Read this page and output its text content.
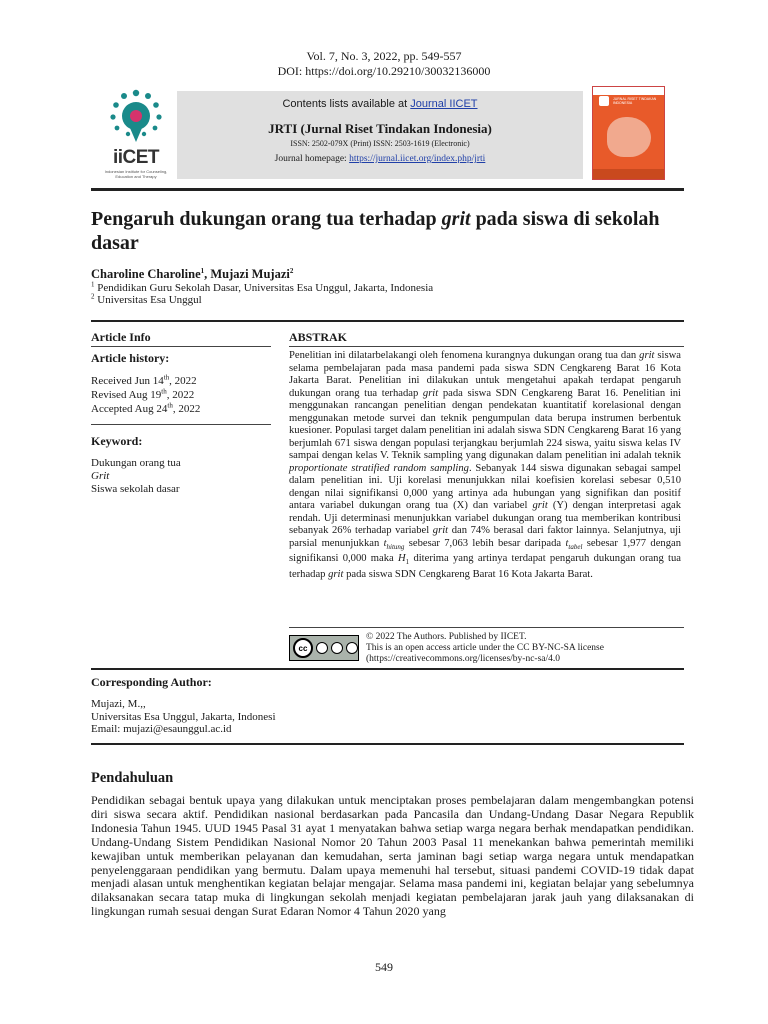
Vol. 7, No. 3, 2022, pp. 549-557
DOI: https://doi.org/10.29210/30032136000
iiCET
Indonesian Institute for Counseling, Education and Therapy
Contents lists available at Journal IICET
JRTI (Jurnal Riset Tindakan Indonesia)
ISSN: 2502-079X (Print) ISSN: 2503-1619 (Electronic)
Journal homepage: https://jurnal.iicet.org/index.php/jrti
JURNAL RISET TINDAKAN INDONESIA
Pengaruh dukungan orang tua terhadap grit pada siswa di sekolah dasar
Charoline Charoline$^1$, Mujazi Mujazi$^2$
$^1$ Pendidikan Guru Sekolah Dasar, Universitas Esa Unggul, Jakarta, Indonesia
$^2$ Universitas Esa Unggul
Article Info
Article history:
Received Jun 14th, 2022
Revised Aug 19th, 2022
Accepted Aug 24th, 2022
Keyword:
Dukungan orang tua
Grit
Siswa sekolah dasar
ABSTRAK
Penelitian ini dilatarbelakangi oleh fenomena kurangnya dukungan orang tua dan grit siswa selama pembelajaran pada masa pandemi pada siswa SDN Cengkareng Barat 16 Kota Jakarta Barat. Penelitian ini dilakukan untuk mengetahui apakah terdapat pengaruh dukungan orang tua terhadap grit pada siswa SDN Cengkareng Barat 16. Penelitian ini menggunakan rancangan penelitian dengan pendekatan kuantitatif korelasional dengan menggunakan metode survei dan teknik pengumpulan data berupa instrumen berbentuk kuesioner. Populasi target dalam penelitian ini adalah siswa SDN Cengkareng Barat 16 yang berjumlah 671 siswa dengan populasi terjangkau berjumlah 224 siswa, yaitu siswa kelas IV sampai dengan kelas V. Teknik sampling yang digunakan dalam penelitian ini adalah teknik proportionate stratified random sampling. Sebanyak 144 siswa digunakan sebagai sampel dalam penelitian ini. Uji korelasi menunjukkan nilai koefisien korelasi sebesar 0,510 dengan nilai signifikansi 0,000 yang artinya ada hubungan yang signifikan dan positif antara variabel dukungan orang tua (X) dan variabel grit (Y) dengan interpretasi agak rendah. Uji determinasi menunjukkan variabel dukungan orang tua memberikan kontribusi sebanyak 26% terhadap variabel grit dan 74% berasal dari faktor lainnya. Selanjutnya, uji parsial menunjukkan $t_{hitung}$ sebesar 7,063 lebih besar daripada $t_{tabel}$ sebesar 1,977 dengan signifikansi 0,000 maka $H_1$ diterima yang artinya terdapat pengaruh dukungan orang tua terhadap grit pada siswa SDN Cengkareng Barat 16 Kota Jakarta Barat.
cc
© 2022 The Authors. Published by IICET.
This is an open access article under the CC BY-NC-SA license
(https://creativecommons.org/licenses/by-nc-sa/4.0
Corresponding Author:
Mujazi, M.,,
Universitas Esa Unggul, Jakarta, Indonesi
Email: mujazi@esaunggul.ac.id
Pendahuluan
Pendidikan sebagai bentuk upaya yang dilakukan untuk menciptakan proses pembelajaran dalam mengembangkan potensi diri siswa secara aktif. Pendidikan nasional berdasarkan pada Pancasila dan Undang-Undang Dasar Negara Republik Indonesia Tahun 1945. UUD 1945 Pasal 31 ayat 1 menyatakan bahwa setiap warga negara berhak mendapatkan pendidikan. Undang-Undang Sistem Pendidikan Nasional Nomor 20 Tahun 2003 Pasal 11 menekankan bahwa pemerintah memiliki kewajiban untuk memberikan pelayanan dan kemudahan, serta jaminan bagi setiap warga negara untuk mendapatkan penyelenggaraan pendidikan yang bermutu. Dalam upaya memenuhi hal tersebut, situasi pandemi COVID-19 tidak dapat menjadi alasan untuk menghentikan kegiatan belajar mengajar. Selama masa pandemi ini, kegiatan belajar yang sebelumnya dilaksanakan secara tatap muka di lingkungan sekolah menjadi kegiatan pembelajaran jarak jauh yang dilaksanakan di lingkungan rumah sesuai dengan Surat Edaran Nomor 4 Tahun 2020 yang
549
